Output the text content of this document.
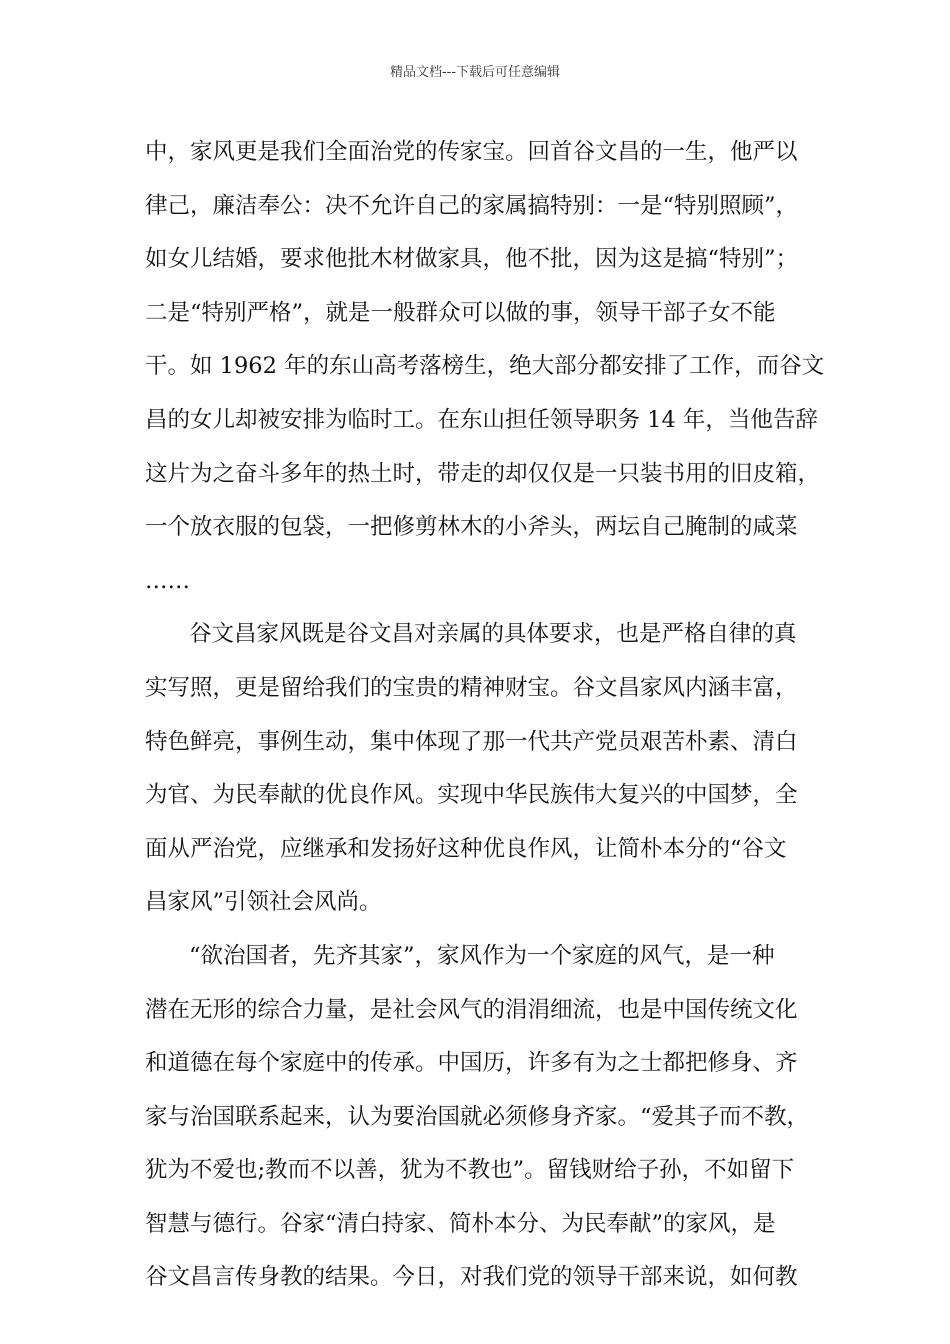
精品文档---下载后可任意编辑
中，家风更是我们全面治党的传家宝。回首谷文昌的一生，他严以
律己，廉洁奉公：决不允许自己的家属搞特别：一是“特别照顾”，
如女儿结婚，要求他批木材做家具，他不批，因为这是搞“特别”；
二是“特别严格”，就是一般群众可以做的事，领导干部子女不能
干。如 1962 年的东山高考落榜生，绝大部分都安排了工作，而谷文
昌的女儿却被安排为临时工。在东山担任领导职务 14 年，当他告辞
这片为之奋斗多年的热土时，带走的却仅仅是一只装书用的旧皮箱，
一个放衣服的包袋，一把修剪林木的小斧头，两坛自己腌制的咸菜
……
谷文昌家风既是谷文昌对亲属的具体要求，也是严格自律的真
实写照，更是留给我们的宝贵的精神财宝。谷文昌家风内涵丰富，
特色鲜亮，事例生动，集中体现了那一代共产党员艰苦朴素、清白
为官、为民奉献的优良作风。实现中华民族伟大复兴的中国梦，全
面从严治党，应继承和发扬好这种优良作风，让简朴本分的“谷文
昌家风”引领社会风尚。
“欲治国者，先齐其家”，家风作为一个家庭的风气，是一种
潜在无形的综合力量，是社会风气的涓涓细流，也是中国传统文化
和道德在每个家庭中的传承。中国历，许多有为之士都把修身、齐
家与治国联系起来，认为要治国就必须修身齐家。“爱其子而不教，
犹为不爱也;教而不以善，犹为不教也”。留钱财给子孙，不如留下
智慧与德行。谷家“清白持家、简朴本分、为民奉献”的家风，是
谷文昌言传身教的结果。今日，对我们党的领导干部来说，如何教
